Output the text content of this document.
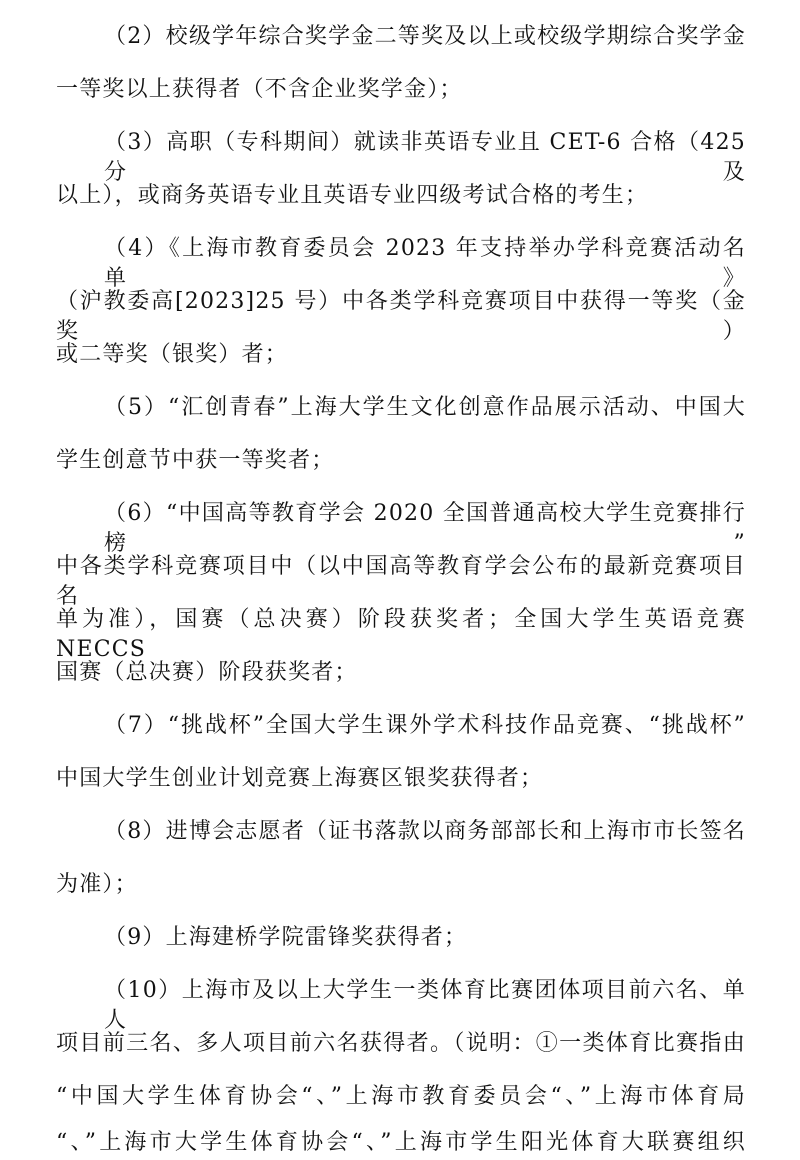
（2）校级学年综合奖学金二等奖及以上或校级学期综合奖学金
一等奖以上获得者（不含企业奖学金）；
（3）高职（专科期间）就读非英语专业且 CET-6 合格（425 分及
以上），或商务英语专业且英语专业四级考试合格的考生；
（4）《上海市教育委员会 2023 年支持举办学科竞赛活动名单》
（沪教委高[2023]25 号）中各类学科竞赛项目中获得一等奖（金奖）
或二等奖（银奖）者；
（5）“汇创青春”上海大学生文化创意作品展示活动、中国大
学生创意节中获一等奖者；
（6）“中国高等教育学会 2020 全国普通高校大学生竞赛排行榜”
中各类学科竞赛项目中（以中国高等教育学会公布的最新竞赛项目名
单为准），国赛（总决赛）阶段获奖者；全国大学生英语竞赛 NECCS
国赛（总决赛）阶段获奖者；
（7）“挑战杯”全国大学生课外学术科技作品竞赛、“挑战杯”
中国大学生创业计划竞赛上海赛区银奖获得者；
（8）进博会志愿者（证书落款以商务部部长和上海市市长签名
为准）；
（9）上海建桥学院雷锋奖获得者；
（10）上海市及以上大学生一类体育比赛团体项目前六名、单人
项目前三名、多人项目前六名获得者。（说明：①一类体育比赛指由
“中国大学生体育协会“、”上海市教育委员会“、”上海市体育局
“、”上海市大学生体育协会“、”上海市学生阳光体育大联赛组织
